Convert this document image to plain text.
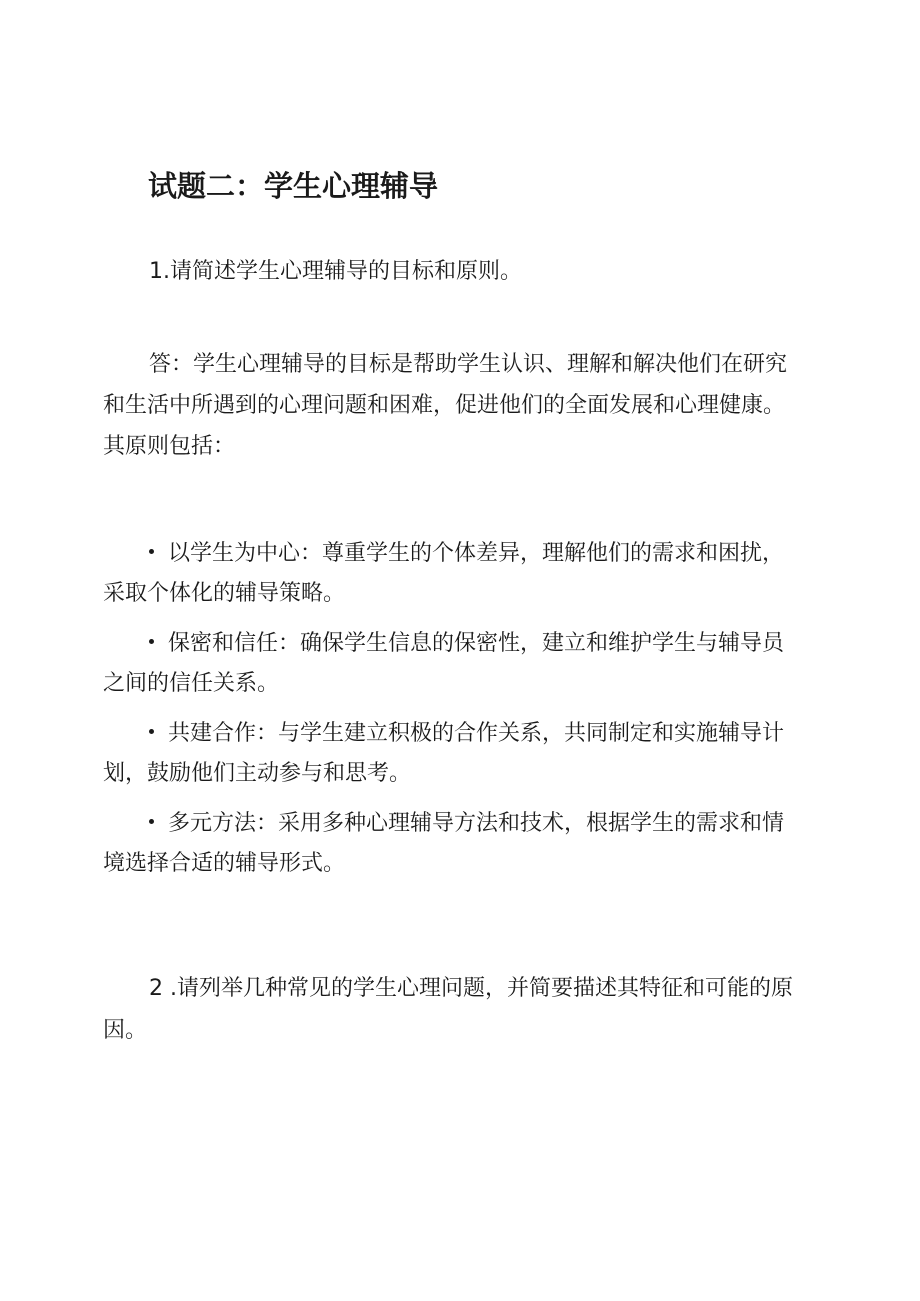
试题二：学生心理辅导
1.请简述学生心理辅导的目标和原则。
答：学生心理辅导的目标是帮助学生认识、理解和解决他们在研究
和生活中所遇到的心理问题和困难，促进他们的全面发展和心理健康。
其原则包括：
以学生为中心：尊重学生的个体差异，理解他们的需求和困扰，
采取个体化的辅导策略。
保密和信任：确保学生信息的保密性，建立和维护学生与辅导员
之间的信任关系。
共建合作：与学生建立积极的合作关系，共同制定和实施辅导计
划，鼓励他们主动参与和思考。
多元方法：采用多种心理辅导方法和技术，根据学生的需求和情
境选择合适的辅导形式。
2 .请列举几种常见的学生心理问题，并简要描述其特征和可能的原
因。
